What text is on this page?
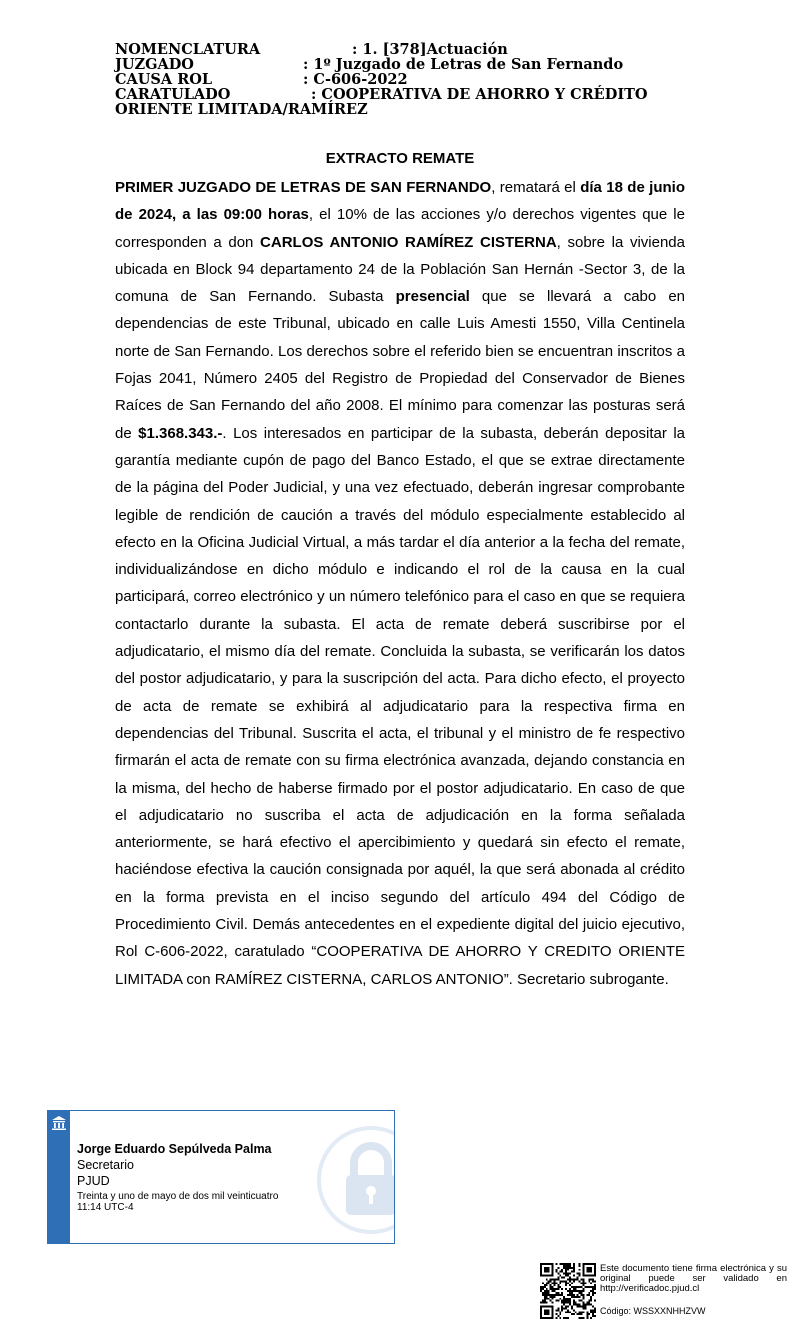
NOMENCLATURA	: 1. [378]Actuación
JUZGADO	: 1º Juzgado de Letras de San Fernando
CAUSA ROL	: C-606-2022
CARATULADO	: COOPERATIVA DE AHORRO Y CRÉDITO
ORIENTE LIMITADA/RAMÍREZ
EXTRACTO REMATE
PRIMER JUZGADO DE LETRAS DE SAN FERNANDO, rematará el día 18 de junio de 2024, a las 09:00 horas, el 10% de las acciones y/o derechos vigentes que le corresponden a don CARLOS ANTONIO RAMÍREZ CISTERNA, sobre la vivienda ubicada en Block 94 departamento 24 de la Población San Hernán -Sector 3, de la comuna de San Fernando. Subasta presencial que se llevará a cabo en dependencias de este Tribunal, ubicado en calle Luis Amesti 1550, Villa Centinela norte de San Fernando. Los derechos sobre el referido bien se encuentran inscritos a Fojas 2041, Número 2405 del Registro de Propiedad del Conservador de Bienes Raíces de San Fernando del año 2008. El mínimo para comenzar las posturas será de $1.368.343.-. Los interesados en participar de la subasta, deberán depositar la garantía mediante cupón de pago del Banco Estado, el que se extrae directamente de la página del Poder Judicial, y una vez efectuado, deberán ingresar comprobante legible de rendición de caución a través del módulo especialmente establecido al efecto en la Oficina Judicial Virtual, a más tardar el día anterior a la fecha del remate, individualizándose en dicho módulo e indicando el rol de la causa en la cual participará, correo electrónico y un número telefónico para el caso en que se requiera contactarlo durante la subasta. El acta de remate deberá suscribirse por el adjudicatario, el mismo día del remate. Concluida la subasta, se verificarán los datos del postor adjudicatario, y para la suscripción del acta. Para dicho efecto, el proyecto de acta de remate se exhibirá al adjudicatario para la respectiva firma en dependencias del Tribunal. Suscrita el acta, el tribunal y el ministro de fe respectivo firmarán el acta de remate con su firma electrónica avanzada, dejando constancia en la misma, del hecho de haberse firmado por el postor adjudicatario. En caso de que el adjudicatario no suscriba el acta de adjudicación en la forma señalada anteriormente, se hará efectivo el apercibimiento y quedará sin efecto el remate, haciéndose efectiva la caución consignada por aquél, la que será abonada al crédito en la forma prevista en el inciso segundo del artículo 494 del Código de Procedimiento Civil. Demás antecedentes en el expediente digital del juicio ejecutivo, Rol C-606-2022, caratulado “COOPERATIVA DE AHORRO Y CREDITO ORIENTE LIMITADA con RAMÍREZ CISTERNA, CARLOS ANTONIO”. Secretario subrogante.
Jorge Eduardo Sepúlveda Palma
Secretario
PJUD
Treinta y uno de mayo de dos mil veinticuatro
11:14 UTC-4
Este documento tiene firma electrónica y su original puede ser validado en http://verificadoc.pjud.cl
Código: WSSXXNHHZVW
